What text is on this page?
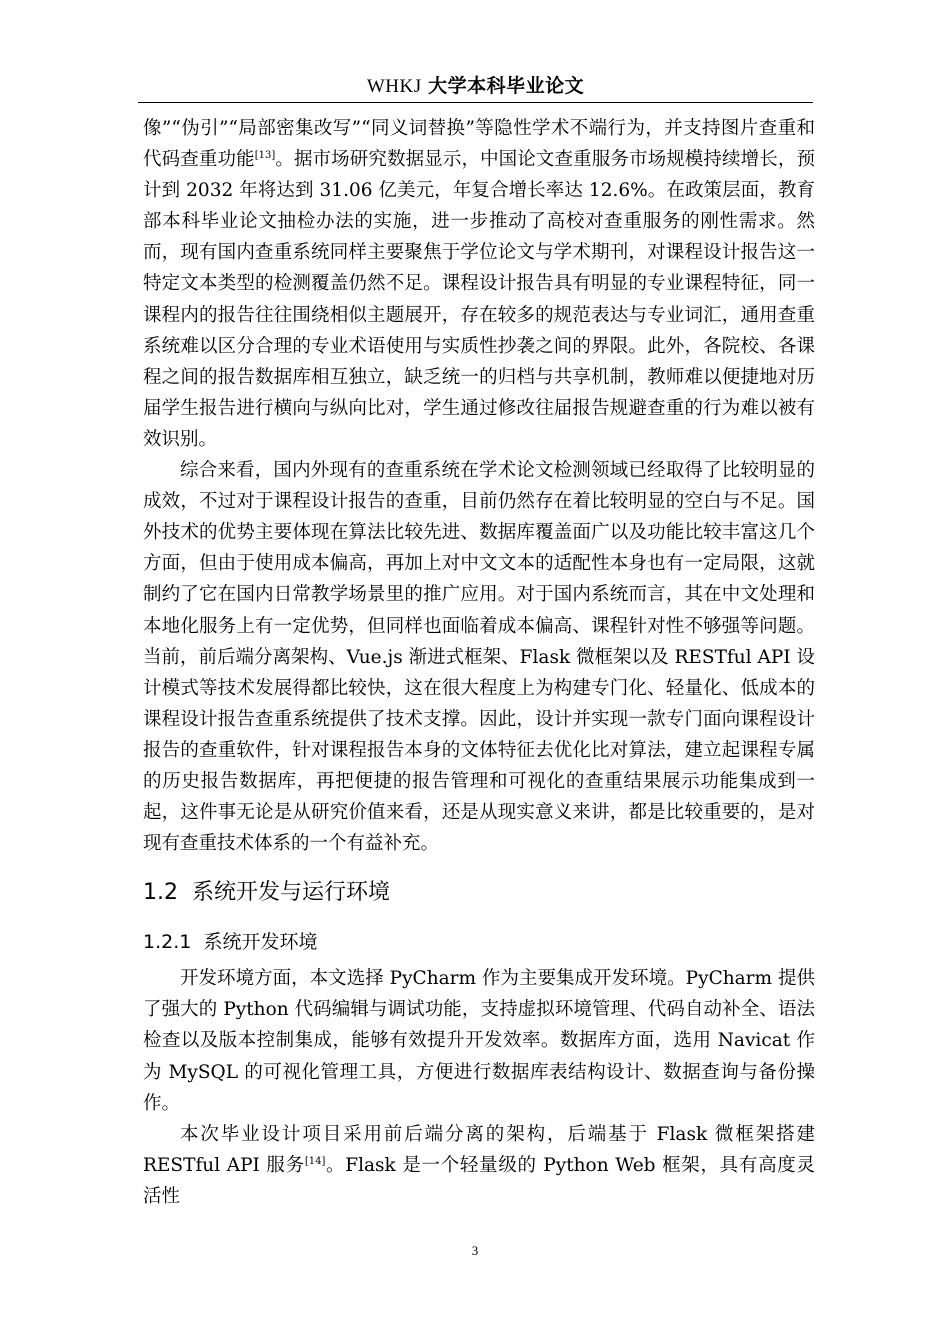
WHKJ 大学本科毕业论文

像”“伪引”“局部密集改写”“同义词替换”等隐性学术不端行为，并支持图片查重和代码查重功能[13]。据市场研究数据显示，中国论文查重服务市场规模持续增长，预计到 2032 年将达到 31.06 亿美元，年复合增长率达 12.6%。在政策层面，教育部本科毕业论文抽检办法的实施，进一步推动了高校对查重服务的刚性需求。然而，现有国内查重系统同样主要聚焦于学位论文与学术期刊，对课程设计报告这一特定文本类型的检测覆盖仍然不足。课程设计报告具有明显的专业课程特征，同一课程内的报告往往围绕相似主题展开，存在较多的规范表达与专业词汇，通用查重系统难以区分合理的专业术语使用与实质性抄袭之间的界限。此外，各院校、各课程之间的报告数据库相互独立，缺乏统一的归档与共享机制，教师难以便捷地对历届学生报告进行横向与纵向比对，学生通过修改往届报告规避查重的行为难以被有效识别。

综合来看，国内外现有的查重系统在学术论文检测领域已经取得了比较明显的成效，不过对于课程设计报告的查重，目前仍然存在着比较明显的空白与不足。国外技术的优势主要体现在算法比较先进、数据库覆盖面广以及功能比较丰富这几个方面，但由于使用成本偏高，再加上对中文文本的适配性本身也有一定局限，这就制约了它在国内日常教学场景里的推广应用。对于国内系统而言，其在中文处理和本地化服务上有一定优势，但同样也面临着成本偏高、课程针对性不够强等问题。当前，前后端分离架构、Vue.js 渐进式框架、Flask 微框架以及 RESTful API 设计模式等技术发展得都比较快，这在很大程度上为构建专门化、轻量化、低成本的课程设计报告查重系统提供了技术支撑。因此，设计并实现一款专门面向课程设计报告的查重软件，针对课程报告本身的文体特征去优化比对算法，建立起课程专属的历史报告数据库，再把便捷的报告管理和可视化的查重结果展示功能集成到一起，这件事无论是从研究价值来看，还是从现实意义来讲，都是比较重要的，是对现有查重技术体系的一个有益补充。

1.2 系统开发与运行环境
1.2.1 系统开发环境

开发环境方面，本文选择 PyCharm 作为主要集成开发环境。PyCharm 提供了强大的 Python 代码编辑与调试功能，支持虚拟环境管理、代码自动补全、语法检查以及版本控制集成，能够有效提升开发效率。数据库方面，选用 Navicat 作为 MySQL 的可视化管理工具，方便进行数据库表结构设计、数据查询与备份操作。

本次毕业设计项目采用前后端分离的架构，后端基于 Flask 微框架搭建 RESTful API 服务[14]。Flask 是一个轻量级的 Python Web 框架，具有高度灵活性

3
